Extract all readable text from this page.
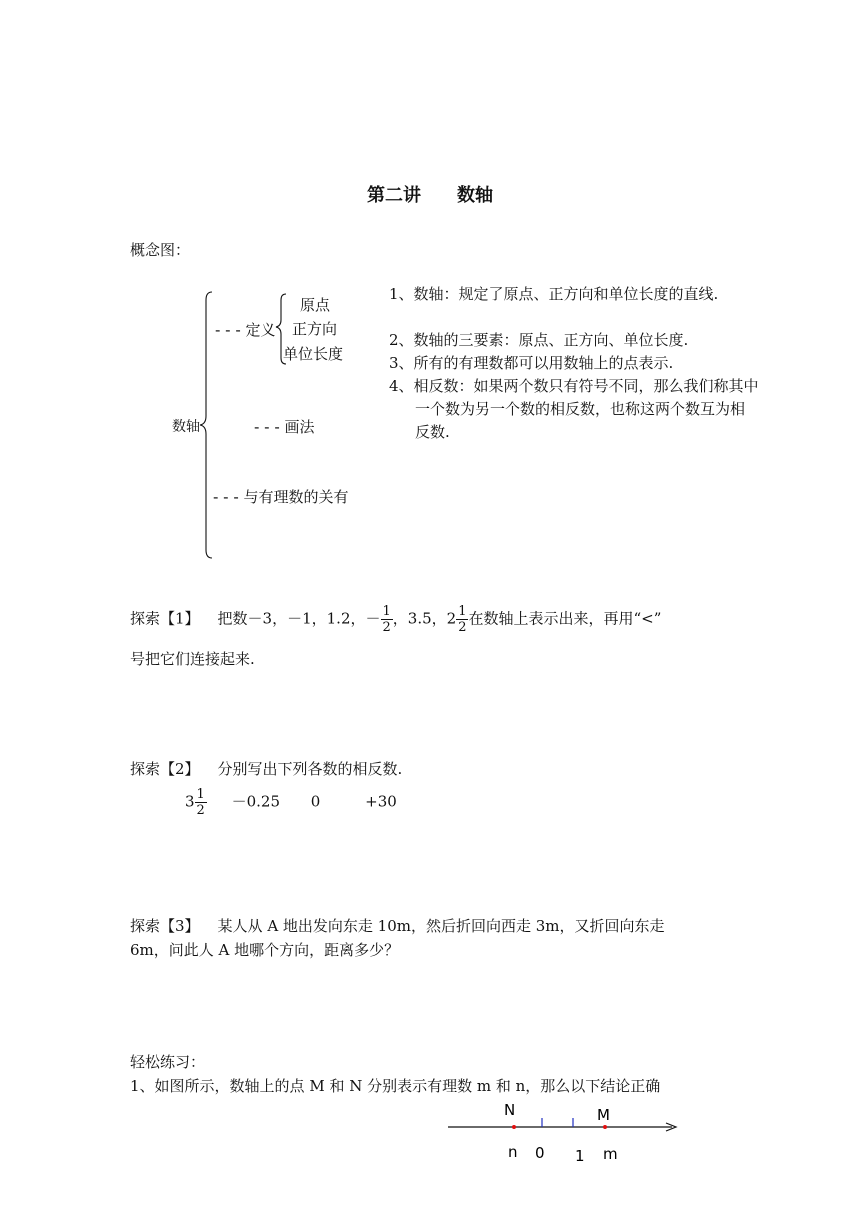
第二讲　　数轴
概念图：
数轴
- - - 定义
原点
正方向
单位长度
- - - 画法
- - - 与有理数的关有
1、数轴：规定了原点、正方向和单位长度的直线.
2、数轴的三要素：原点、正方向、单位长度.
3、所有的有理数都可以用数轴上的点表示.
4、相反数：如果两个数只有符号不同，那么我们称其中一个数为另一个数的相反数，也称这两个数互为相反数.
探索【1】 把数－3，－1，1.2，－ $\frac{1}{2}$ ，3.5，$2 \frac{1}{2}$ 在数轴上表示出来，再用“<”
号把它们连接起来.
探索【2】 分别写出下列各数的相反数.
$3 \frac{1}{2} -0.25$ 0	+30
探索【3】 某人从 A 地出发向东走 10m，然后折回向西走 3m，又折回向东走
6m，问此人 A 地哪个方向，距离多少？
轻松练习：
1、如图所示，数轴上的点 M 和 N 分别表示有理数 m 和 n，那么以下结论正确
N	M
n 0 1 m
